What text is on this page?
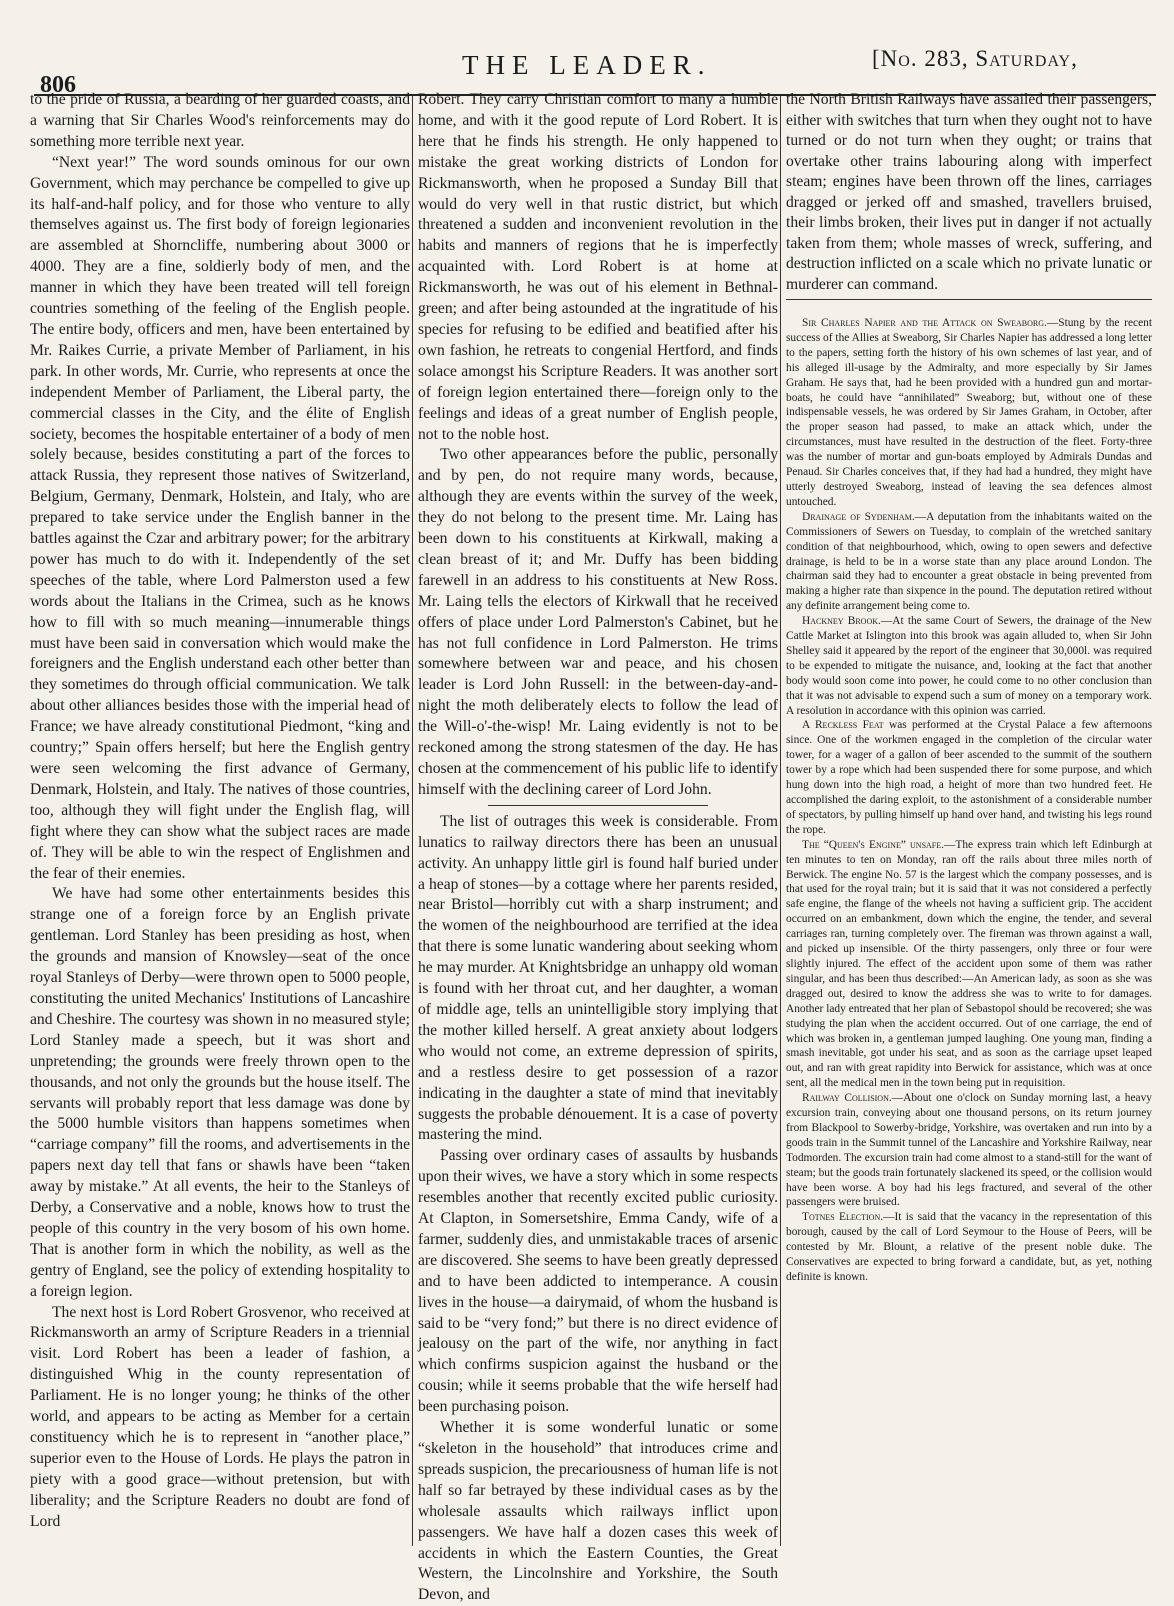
806
THE LEADER.	[No. 283, Saturday,

to the pride of Russia, a bearding of her guarded coasts, and a warning that Sir Charles Wood's reinforcements may do something more terrible next year.

“Next year!” The word sounds ominous for our own Government, which may perchance be compelled to give up its half-and-half policy, and for those who venture to ally themselves against us. The first body of foreign legionaries are assembled at Shorncliffe, numbering about 3000 or 4000. They are a fine, soldierly body of men, and the manner in which they have been treated will tell foreign countries something of the feeling of the English people. The entire body, officers and men, have been entertained by Mr. Raikes Currie, a private Member of Parliament, in his park. In other words, Mr. Currie, who represents at once the independent Member of Parliament, the Liberal party, the commercial classes in the City, and the élite of English society, becomes the hospitable entertainer of a body of men solely because, besides constituting a part of the forces to attack Russia, they represent those natives of Switzerland, Belgium, Germany, Denmark, Holstein, and Italy, who are prepared to take service under the English banner in the battles against the Czar and arbitrary power; for the arbitrary power has much to do with it. Independently of the set speeches of the table, where Lord Palmerston used a few words about the Italians in the Crimea, such as he knows how to fill with so much meaning—innumerable things must have been said in conversation which would make the foreigners and the English understand each other better than they sometimes do through official communication. We talk about other alliances besides those with the imperial head of France; we have already constitutional Piedmont, “king and country;” Spain offers herself; but here the English gentry were seen welcoming the first advance of Germany, Denmark, Holstein, and Italy. The natives of those countries, too, although they will fight under the English flag, will fight where they can show what the subject races are made of. They will be able to win the respect of Englishmen and the fear of their enemies.

We have had some other entertainments besides this strange one of a foreign force by an English private gentleman. Lord Stanley has been presiding as host, when the grounds and mansion of Knowsley—seat of the once royal Stanleys of Derby—were thrown open to 5000 people, constituting the united Mechanics' Institutions of Lancashire and Cheshire. The courtesy was shown in no measured style; Lord Stanley made a speech, but it was short and unpretending; the grounds were freely thrown open to the thousands, and not only the grounds but the house itself. The servants will probably report that less damage was done by the 5000 humble visitors than happens sometimes when “carriage company” fill the rooms, and advertisements in the papers next day tell that fans or shawls have been “taken away by mistake.” At all events, the heir to the Stanleys of Derby, a Conservative and a noble, knows how to trust the people of this country in the very bosom of his own home. That is another form in which the nobility, as well as the gentry of England, see the policy of extending hospitality to a foreign legion.

The next host is Lord Robert Grosvenor, who received at Rickmansworth an army of Scripture Readers in a triennial visit. Lord Robert has been a leader of fashion, a distinguished Whig in the county representation of Parliament. He is no longer young; he thinks of the other world, and appears to be acting as Member for a certain constituency which he is to represent in “another place,” superior even to the House of Lords. He plays the patron in piety with a good grace—without pretension, but with liberality; and the Scripture Readers no doubt are fond of Lord

Robert. They carry Christian comfort to many a humble home, and with it the good repute of Lord Robert. It is here that he finds his strength. He only happened to mistake the great working districts of London for Rickmansworth, when he proposed a Sunday Bill that would do very well in that rustic district, but which threatened a sudden and inconvenient revolution in the habits and manners of regions that he is imperfectly acquainted with. Lord Robert is at home at Rickmansworth, he was out of his element in Bethnal-green; and after being astounded at the ingratitude of his species for refusing to be edified and beatified after his own fashion, he retreats to congenial Hertford, and finds solace amongst his Scripture Readers. It was another sort of foreign legion entertained there—foreign only to the feelings and ideas of a great number of English people, not to the noble host.

Two other appearances before the public, personally and by pen, do not require many words, because, although they are events within the survey of the week, they do not belong to the present time. Mr. Laing has been down to his constituents at Kirkwall, making a clean breast of it; and Mr. Duffy has been bidding farewell in an address to his constituents at New Ross. Mr. Laing tells the electors of Kirkwall that he received offers of place under Lord Palmerston's Cabinet, but he has not full confidence in Lord Palmerston. He trims somewhere between war and peace, and his chosen leader is Lord John Russell: in the between-day-and-night the moth deliberately elects to follow the lead of the Will-o'-the-wisp! Mr. Laing evidently is not to be reckoned among the strong statesmen of the day. He has chosen at the commencement of his public life to identify himself with the declining career of Lord John.

The list of outrages this week is considerable. From lunatics to railway directors there has been an unusual activity. An unhappy little girl is found half buried under a heap of stones—by a cottage where her parents resided, near Bristol—horribly cut with a sharp instrument; and the women of the neighbourhood are terrified at the idea that there is some lunatic wandering about seeking whom he may murder. At Knightsbridge an unhappy old woman is found with her throat cut, and her daughter, a woman of middle age, tells an unintelligible story implying that the mother killed herself. A great anxiety about lodgers who would not come, an extreme depression of spirits, and a restless desire to get possession of a razor indicating in the daughter a state of mind that inevitably suggests the probable dénouement. It is a case of poverty mastering the mind.

Passing over ordinary cases of assaults by husbands upon their wives, we have a story which in some respects resembles another that recently excited public curiosity. At Clapton, in Somersetshire, Emma Candy, wife of a farmer, suddenly dies, and unmistakable traces of arsenic are discovered. She seems to have been greatly depressed and to have been addicted to intemperance. A cousin lives in the house—a dairymaid, of whom the husband is said to be “very fond;” but there is no direct evidence of jealousy on the part of the wife, nor anything in fact which confirms suspicion against the husband or the cousin; while it seems probable that the wife herself had been purchasing poison.

Whether it is some wonderful lunatic or some “skeleton in the household” that introduces crime and spreads suspicion, the precariousness of human life is not half so far betrayed by these individual cases as by the wholesale assaults which railways inflict upon passengers. We have half a dozen cases this week of accidents in which the Eastern Counties, the Great Western, the Lincolnshire and Yorkshire, the South Devon, and

the North British Railways have assailed their passengers, either with switches that turn when they ought not to have turned or do not turn when they ought; or trains that overtake other trains labouring along with imperfect steam; engines have been thrown off the lines, carriages dragged or jerked off and smashed, travellers bruised, their limbs broken, their lives put in danger if not actually taken from them; whole masses of wreck, suffering, and destruction inflicted on a scale which no private lunatic or murderer can command.

Sir Charles Napier and the Attack on Sweaborg.—Stung by the recent success of the Allies at Sweaborg, Sir Charles Napier has addressed a long letter to the papers, setting forth the history of his own schemes of last year, and of his alleged ill-usage by the Admiralty, and more especially by Sir James Graham. He says that, had he been provided with a hundred gun and mortar-boats, he could have “annihilated” Sweaborg; but, without one of these indispensable vessels, he was ordered by Sir James Graham, in October, after the proper season had passed, to make an attack which, under the circumstances, must have resulted in the destruction of the fleet. Forty-three was the number of mortar and gun-boats employed by Admirals Dundas and Penaud. Sir Charles conceives that, if they had had a hundred, they might have utterly destroyed Sweaborg, instead of leaving the sea defences almost untouched.

Drainage of Sydenham.—A deputation from the inhabitants waited on the Commissioners of Sewers on Tuesday, to complain of the wretched sanitary condition of that neighbourhood, which, owing to open sewers and defective drainage, is held to be in a worse state than any place around London. The chairman said they had to encounter a great obstacle in being prevented from making a higher rate than sixpence in the pound. The deputation retired without any definite arrangement being come to.

Hackney Brook.—At the same Court of Sewers, the drainage of the New Cattle Market at Islington into this brook was again alluded to, when Sir John Shelley said it appeared by the report of the engineer that 30,000l. was required to be expended to mitigate the nuisance, and, looking at the fact that another body would soon come into power, he could come to no other conclusion than that it was not advisable to expend such a sum of money on a temporary work. A resolution in accordance with this opinion was carried.

A Reckless Feat was performed at the Crystal Palace a few afternoons since. One of the workmen engaged in the completion of the circular water tower, for a wager of a gallon of beer ascended to the summit of the southern tower by a rope which had been suspended there for some purpose, and which hung down into the high road, a height of more than two hundred feet. He accomplished the daring exploit, to the astonishment of a considerable number of spectators, by pulling himself up hand over hand, and twisting his legs round the rope.

The “Queen's Engine” unsafe.—The express train which left Edinburgh at ten minutes to ten on Monday, ran off the rails about three miles north of Berwick. The engine No. 57 is the largest which the company possesses, and is that used for the royal train; but it is said that it was not considered a perfectly safe engine, the flange of the wheels not having a sufficient grip. The accident occurred on an embankment, down which the engine, the tender, and several carriages ran, turning completely over. The fireman was thrown against a wall, and picked up insensible. Of the thirty passengers, only three or four were slightly injured. The effect of the accident upon some of them was rather singular, and has been thus described:—An American lady, as soon as she was dragged out, desired to know the address she was to write to for damages. Another lady entreated that her plan of Sebastopol should be recovered; she was studying the plan when the accident occurred. Out of one carriage, the end of which was broken in, a gentleman jumped laughing. One young man, finding a smash inevitable, got under his seat, and as soon as the carriage upset leaped out, and ran with great rapidity into Berwick for assistance, which was at once sent, all the medical men in the town being put in requisition.

Railway Collision.—About one o'clock on Sunday morning last, a heavy excursion train, conveying about one thousand persons, on its return journey from Blackpool to Sowerby-bridge, Yorkshire, was overtaken and run into by a goods train in the Summit tunnel of the Lancashire and Yorkshire Railway, near Todmorden. The excursion train had come almost to a stand-still for the want of steam; but the goods train fortunately slackened its speed, or the collision would have been worse. A boy had his legs fractured, and several of the other passengers were bruised.

Totnes Election.—It is said that the vacancy in the representation of this borough, caused by the call of Lord Seymour to the House of Peers, will be contested by Mr. Blount, a relative of the present noble duke. The Conservatives are expected to bring forward a candidate, but, as yet, nothing definite is known.
